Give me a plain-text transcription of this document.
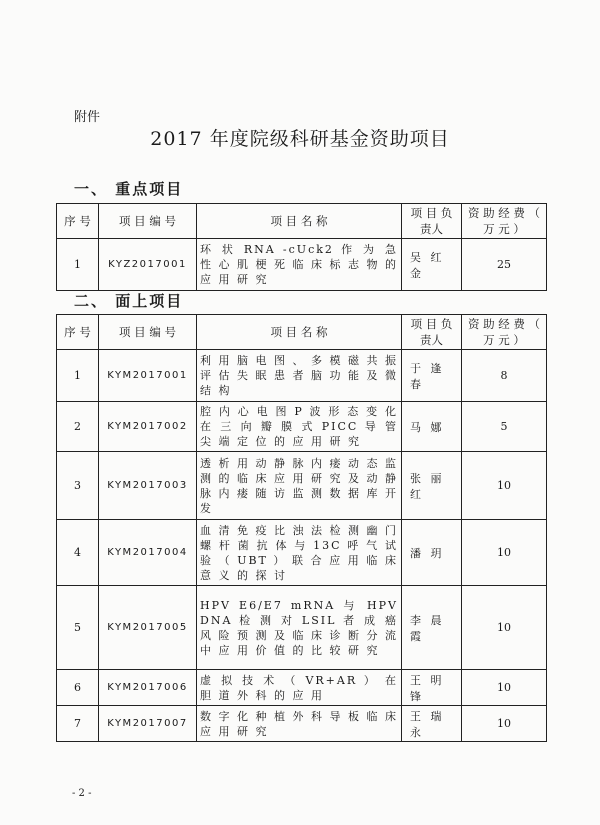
附件
2017 年度院级科研基金资助项目
一、 重点项目
序 号	项 目 编 号	项 目 名 称	项 目 负 责人	资 助 经 费 （ 万 元 ）
1	KYZ2017001	环 状 RNA -cUck2 作 为 急 性 心 肌 梗 死 临 床 标 志 物 的 应 用 研 究	吴 红 金	25
二、 面上项目
序 号	项 目 编 号	项 目 名 称	项 目 负 责人	资 助 经 费 （ 万 元 ）
1	KYM2017001	利 用 脑 电 图 、 多 模 磁 共 振 评 估 失 眠 患 者 脑 功 能 及 微 结 构	于 逢 春	8
2	KYM2017002	腔 内 心 电 图 P 波 形 态 变 化 在 三 向 瓣 膜 式 PICC 导 管 尖 端 定 位 的 应 用 研 究	马 娜	5
3	KYM2017003	透 析 用 动 静 脉 内 瘘 动 态 监 测 的 临 床 应 用 研 究 及 动 静 脉 内 瘘 随 访 监 测 数 据 库 开 发	张 丽 红	10
4	KYM2017004	血 清 免 疫 比 浊 法 检 测 幽 门 螺 杆 菌 抗 体 与 13C 呼 气 试 验 （ UBT ） 联 合 应 用 临 床 意 义 的 探 讨	潘 玥	10
5	KYM2017005	HPV E6/E7 mRNA 与 HPV DNA 检 测 对 LSIL 者 成 癌 风 险 预 测 及 临 床 诊 断 分 流 中 应 用 价 值 的 比 较 研 究	李 晨 霞	10
6	KYM2017006	虚 拟 技 术 （ VR+AR ） 在 胆 道 外 科 的 应 用	王 明 锋	10
7	KYM2017007	数 字 化 种 植 外 科 导 板 临 床 应 用 研 究	王 瑞 永	10
- 2 -
